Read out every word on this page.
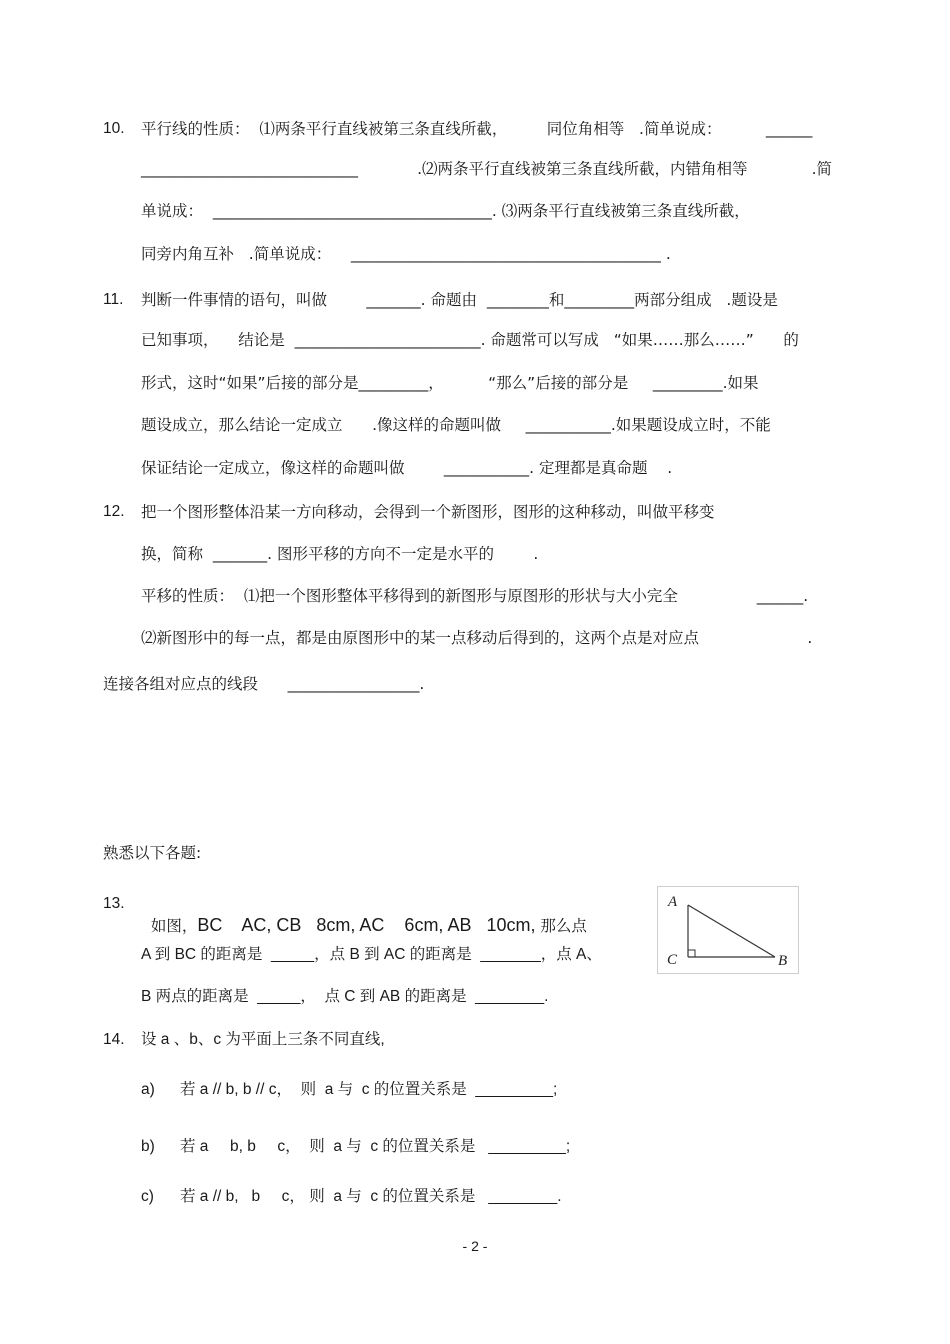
10. 平行线的性质：  ⑴两条平行直线被第三条直线所截，        同位角相等   .简单说成：         ______
____________________________            .⑵两条平行直线被第三条直线所截，内错角相等             .简
单说成：  ____________________________________. ⑶两条平行直线被第三条直线所截，
同旁内角互补   .简单说成：    ________________________________________ .
11. 判断一件事情的语句，叫做        _______. 命题由  ________和_________两部分组成   .题设是
已知事项，    结论是  ________________________. 命题常可以写成   “如果……那么……”      的
形式，这时“如果”后接的部分是_________，         “那么”后接的部分是     _________.如果
题设成立，那么结论一定成立      .像这样的命题叫做     ___________.如果题设成立时，不能
保证结论一定成立，像这样的命题叫做        ___________. 定理都是真命题    .
12. 把一个图形整体沿某一方向移动，会得到一个新图形，图形的这种移动，叫做平移变
换，简称  _______. 图形平移的方向不一定是水平的        .
平移的性质：  ⑴把一个图形整体平移得到的新图形与原图形的形状与大小完全                ______.
⑵新图形中的每一点，都是由原图形中的某一点移动后得到的，这两个点是对应点                      .
连接各组对应点的线段      _________________.
熟悉以下各题:
13.

如图，BC    AC, CB   8cm, AC    6cm, AB   10cm, 那么点

A 到 BC 的距离是  _____，点 B 到 AC 的距离是  _______，点 A、
B 两点的距离是  _____，  点 C 到 AB 的距离是  ________.
A
C	B
14. 设 a 、b、c 为平面上三条不同直线,
a) 若 a // b, b // c，  则  a 与  c 的位置关系是  _________;
b) 若 a     b, b     c，  则  a 与  c 的位置关系是   _________;
c) 若 a // b,   b     c， 则  a 与  c 的位置关系是   ________.
- 2 -
